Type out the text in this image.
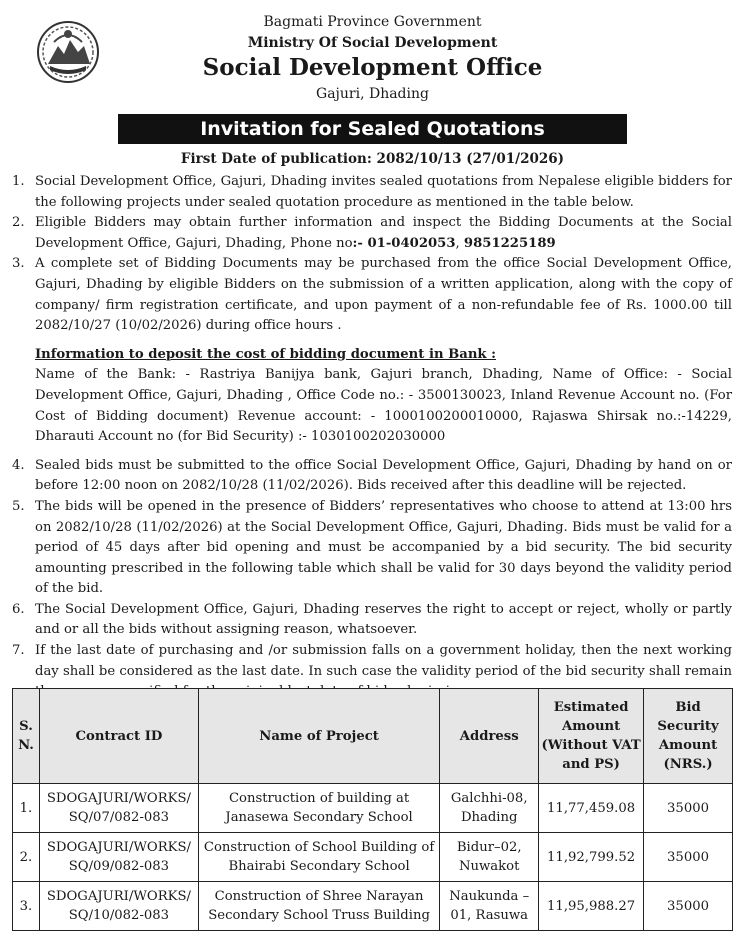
Bagmati Province Government
Ministry Of Social Development
Social Development Office
Gajuri, Dhading
Invitation for Sealed Quotations
First Date of publication: 2082/10/13 (27/01/2026)
1. Social Development Office, Gajuri, Dhading invites sealed quotations from Nepalese eligible bidders for the following projects under sealed quotation procedure as mentioned in the table below.
2. Eligible Bidders may obtain further information and inspect the Bidding Documents at the Social Development Office, Gajuri, Dhading, Phone no:- 01-0402053, 9851225189
3. A complete set of Bidding Documents may be purchased from the office Social Development Office, Gajuri, Dhading by eligible Bidders on the submission of a written application, along with the copy of company/ firm registration certificate, and upon payment of a non-refundable fee of Rs. 1000.00 till 2082/10/27 (10/02/2026) during office hours .
Information to deposit the cost of bidding document in Bank :
Name of the Bank: - Rastriya Banijya bank, Gajuri branch, Dhading, Name of Office: - Social Development Office, Gajuri, Dhading , Office Code no.: - 3500130023, Inland Revenue Account no. (For Cost of Bidding document) Revenue account: - 1000100200010000, Rajaswa Shirsak no.:-14229, Dharauti Account no (for Bid Security) :- 1030100202030000
4. Sealed bids must be submitted to the office Social Development Office, Gajuri, Dhading by hand on or before 12:00 noon on 2082/10/28 (11/02/2026). Bids received after this deadline will be rejected.
5. The bids will be opened in the presence of Bidders’ representatives who choose to attend at 13:00 hrs on 2082/10/28 (11/02/2026) at the Social Development Office, Gajuri, Dhading. Bids must be valid for a period of 45 days after bid opening and must be accompanied by a bid security. The bid security amounting prescribed in the following table which shall be valid for 30 days beyond the validity period of the bid.
6. The Social Development Office, Gajuri, Dhading reserves the right to accept or reject, wholly or partly and or all the bids without assigning reason, whatsoever.
7. If the last date of purchasing and /or submission falls on a government holiday, then the next working day shall be considered as the last date. In such case the validity period of the bid security shall remain
S. N.	Contract ID	Name of Project	Address	Estimated Amount (Without VAT and PS)	Bid Security Amount (NRS.)
1.	SDOGAJURI/WORKS/ SQ/07/082-083	Construction of building at Janasewa Secondary School	Galchhi-08, Dhading	11,77,459.08	35000
2.	SDOGAJURI/WORKS/ SQ/09/082-083	Construction of School Building of Bhairabi Secondary School	Bidur–02, Nuwakot	11,92,799.52	35000
3.	SDOGAJURI/WORKS/ SQ/10/082-083	Construction of Shree Narayan Secondary School Truss Building	Naukunda –01, Rasuwa	11,95,988.27	35000
